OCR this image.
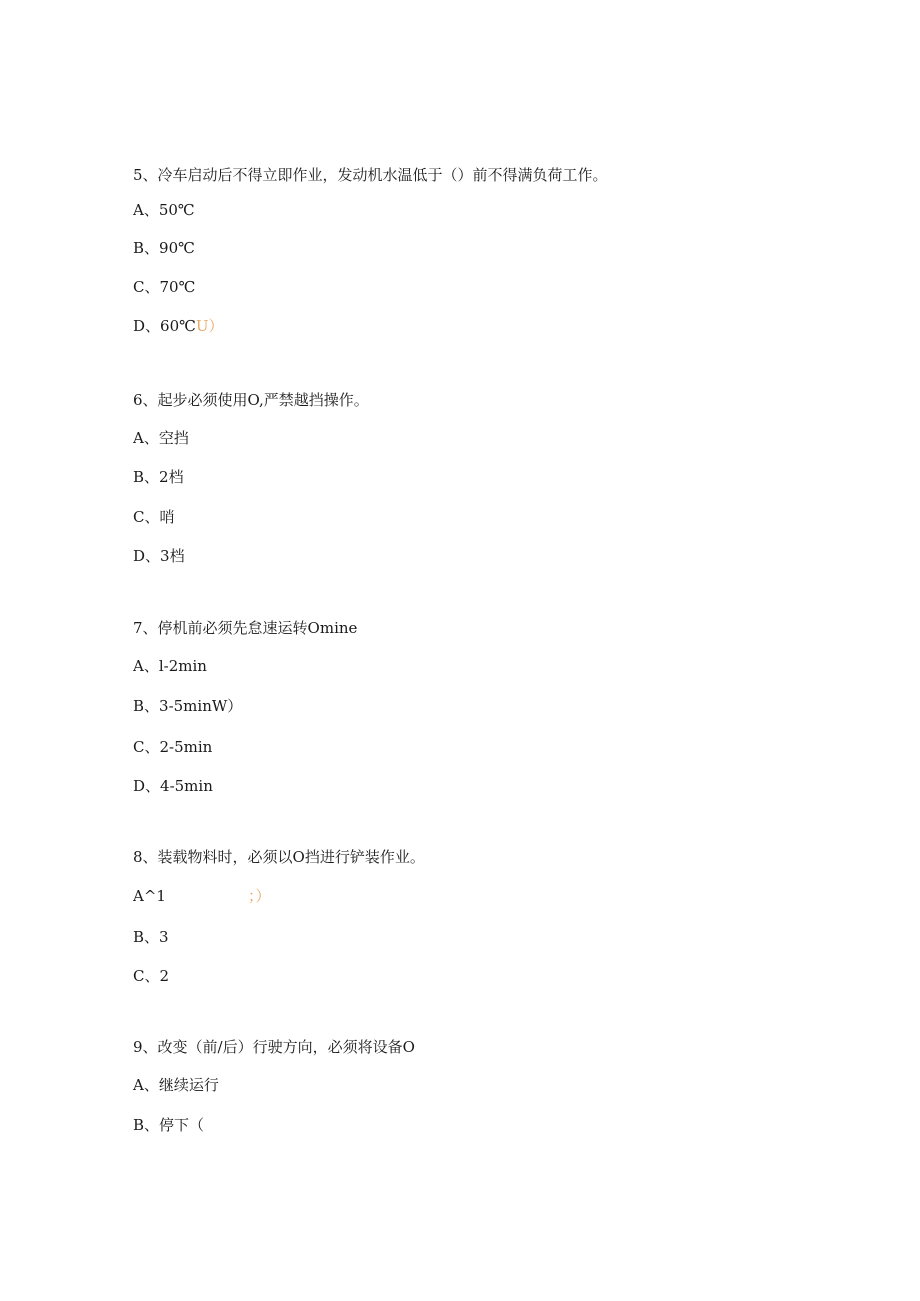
5、冷车启动后不得立即作业，发动机水温低于（）前不得满负荷工作。
A、50℃
B、90℃
C、70℃
D、60℃U）
6、起步必须使用O,严禁越挡操作。
A、空挡
B、2档
C、哨
D、3档
7、停机前必须先怠速运转Omine
A、l-2min
B、3-5minW）
C、2-5min
D、4-5min
8、装载物料时，必须以O挡进行铲装作业。
A^1	；）
B、3
C、2
9、改变（前/后）行驶方向，必须将设备O
A、继续运行
B、停下（
